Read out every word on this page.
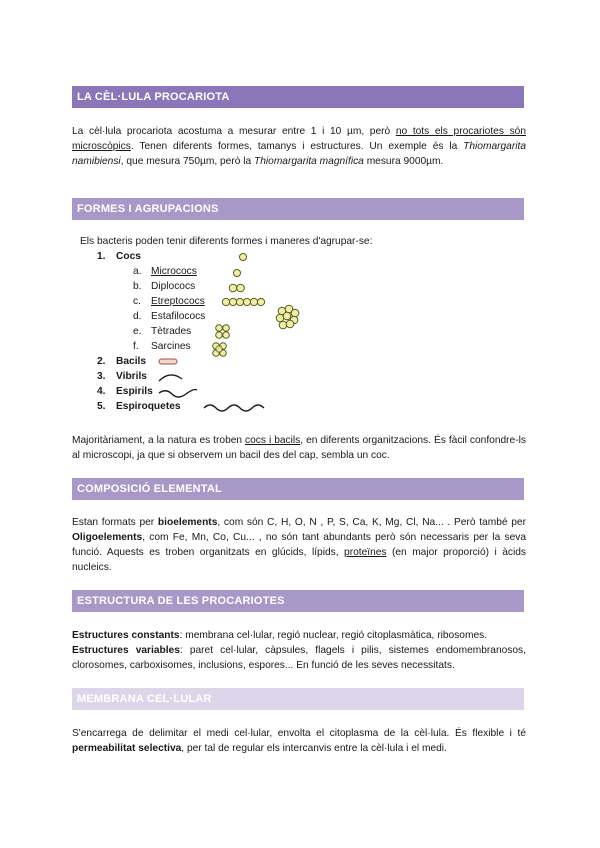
LA CÈL·LULA PROCARIOTA

La cèl·lula procariota acostuma a mesurar entre 1 i 10 µm, però no tots els procariotes són microscòpics. Tenen diferents formes, tamanys i estructures. Un exemple és la Thiomargarita namibiensi, que mesura 750µm, però la Thiomargarita magnífica mesura 9000µm.

FORMES I AGRUPACIONS

Els bacteris poden tenir diferents formes i maneres d'agrupar-se:

1. Cocs
a. Micrococs
b. Diplococs
c. Etreptococs
d. Estafilococs
e. Tètrades
f. Sarcines
2. Bacils
3. Vibrils
4. Espirils
5. Espiroquetes

Majoritàriament, a la natura es troben cocs i bacils, en diferents organitzacions. És fàcil confondre-ls al microscopi, ja que si observem un bacil des del cap, sembla un coc.

COMPOSICIÓ ELEMENTAL

Estan formats per bioelements, com són C, H, O, N , P, S, Ca, K, Mg, Cl, Na... . Però també per Oligoelements, com Fe, Mn, Co, Cu... , no són tant abundants però són necessaris per la seva funció. Aquests es troben organitzats en glúcids, lípids, proteïnes (en major proporció) i àcids nucleics.

ESTRUCTURA DE LES PROCARIOTES

Estructures constants: membrana cel·lular, regió nuclear, regió citoplasmàtica, ribosomes.
Estructures variables: paret cel·lular, càpsules, flagels i pilis, sistemes endomembranosos, clorosomes, carboxisomes, inclusions, espores... En funció de les seves necessitats.

MEMBRANA CEL·LULAR

S'encarrega de delimitar el medi cel·lular, envolta el citoplasma de la cèl·lula. És flexible i té permeabilitat selectiva, per tal de regular els intercanvis entre la cèl·lula i el medi.
